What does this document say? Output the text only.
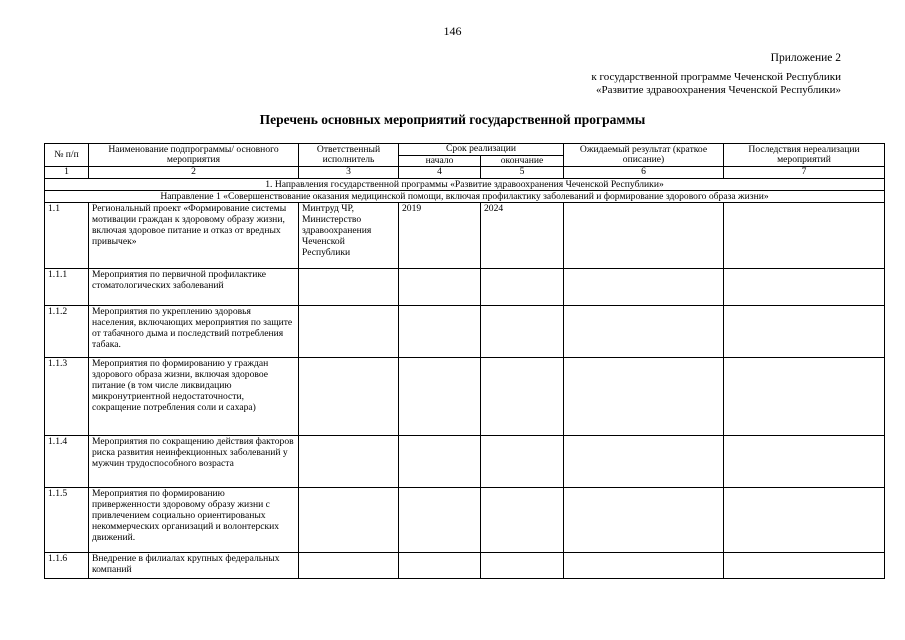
146
Приложение 2
к государственной программе Чеченской Республики
«Развитие здравоохранения Чеченской Республики»
Перечень основных мероприятий государственной программы
№ п/п	Наименование подпрограммы/ основного мероприятия	Ответственный исполнитель	Срок реализации		Ожидаемый результат (краткое описание)	Последствия нереализации мероприятий
			начало	окончание		
1	2	3	4	5	6	7
1. Направления государственной программы «Развитие здравоохранения Чеченской Республики»						
Направление 1 «Совершенствование оказания медицинской помощи, включая профилактику заболеваний и формирование здорового образа жизни»						
1.1	Региональный проект «Формирование системы мотивации граждан к здоровому образу жизни, включая здоровое питание и отказ от вредных привычек»	Минтруд ЧР, Министерство здравоохранения Чеченской Республики	2019	2024		
1.1.1	Мероприятия по первичной профилактике стоматологических заболеваний					
1.1.2	Мероприятия по укреплению здоровья населения, включающих мероприятия по защите от табачного дыма и последствий потребления табака.					
1.1.3	Мероприятия по формированию у граждан здорового образа жизни, включая здоровое питание (в том числе ликвидацию микронутриентной недостаточности, сокращение потребления соли и сахара)					
1.1.4	Мероприятия по сокращению действия факторов риска развития неинфекционных заболеваний у мужчин трудоспособного возраста					
1.1.5	Мероприятия по формированию приверженности здоровому образу жизни с привлечением социально ориентированых некоммерческих организаций и волонтерских движений.					
1.1.6	Внедрение в филиалах крупных федеральных компаний					
